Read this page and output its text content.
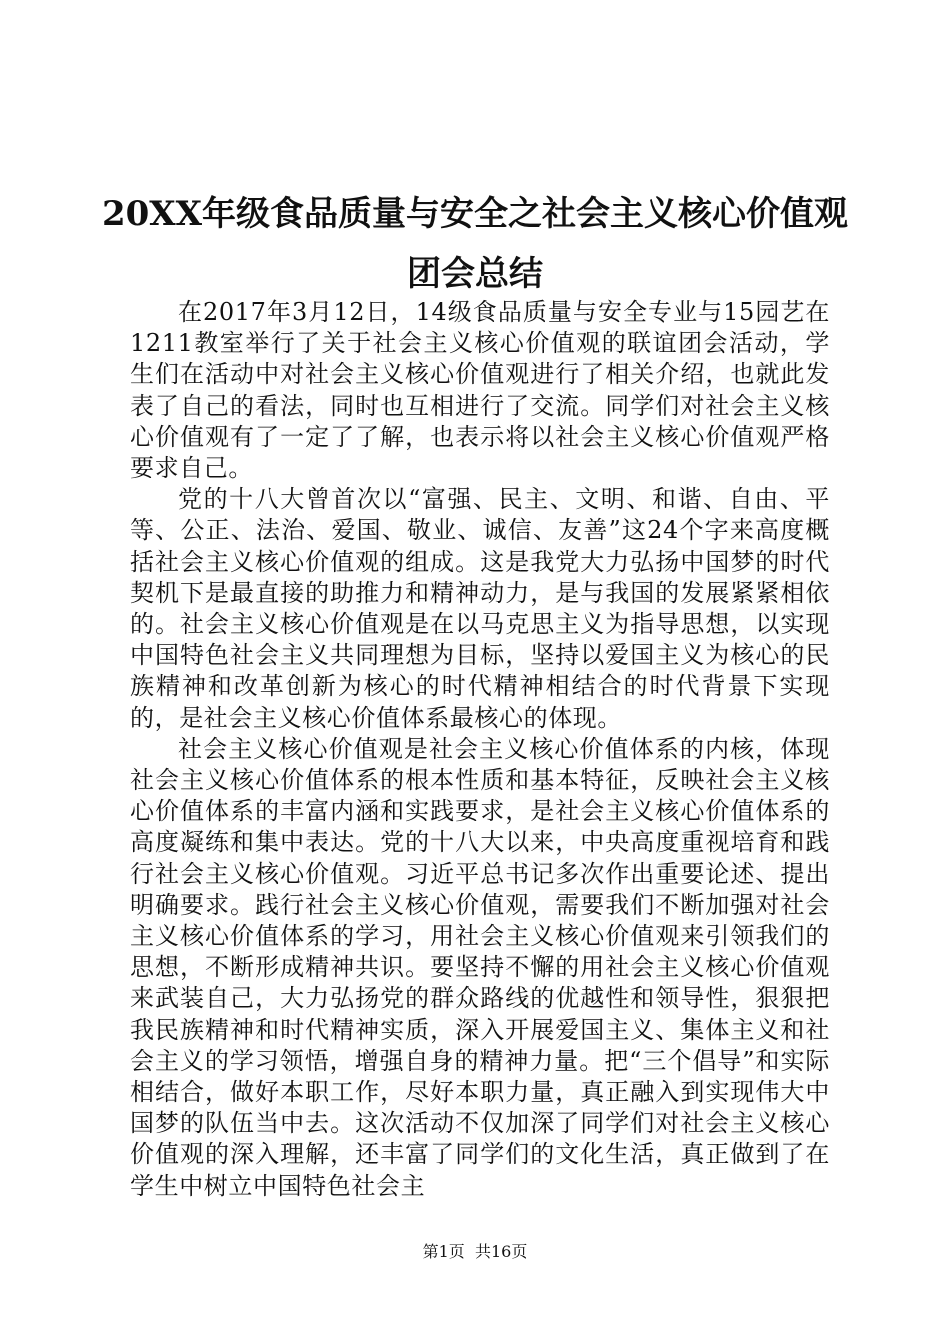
20XX年级食品质量与安全之社会主义核心价值观团会总结

在2017年3月12日，14级食品质量与安全专业与15园艺在1211教室举行了关于社会主义核心价值观的联谊团会活动，学生们在活动中对社会主义核心价值观进行了相关介绍，也就此发表了自己的看法，同时也互相进行了交流。同学们对社会主义核心价值观有了一定了了解，也表示将以社会主义核心价值观严格要求自己。

党的十八大曾首次以“富强、民主、文明、和谐、自由、平等、公正、法治、爱国、敬业、诚信、友善”这24个字来高度概括社会主义核心价值观的组成。这是我党大力弘扬中国梦的时代契机下是最直接的助推力和精神动力，是与我国的发展紧紧相依的。社会主义核心价值观是在以马克思主义为指导思想，以实现中国特色社会主义共同理想为目标，坚持以爱国主义为核心的民族精神和改革创新为核心的时代精神相结合的时代背景下实现的，是社会主义核心价值体系最核心的体现。

社会主义核心价值观是社会主义核心价值体系的内核，体现社会主义核心价值体系的根本性质和基本特征，反映社会主义核心价值体系的丰富内涵和实践要求，是社会主义核心价值体系的高度凝练和集中表达。党的十八大以来，中央高度重视培育和践行社会主义核心价值观。习近平总书记多次作出重要论述、提出明确要求。践行社会主义核心价值观，需要我们不断加强对社会主义核心价值体系的学习，用社会主义核心价值观来引领我们的思想，不断形成精神共识。要坚持不懈的用社会主义核心价值观来武装自己，大力弘扬党的群众路线的优越性和领导性，狠狠把我民族精神和时代精神实质，深入开展爱国主义、集体主义和社会主义的学习领悟，增强自身的精神力量。把“三个倡导”和实际相结合，做好本职工作，尽好本职力量，真正融入到实现伟大中国梦的队伍当中去。这次活动不仅加深了同学们对社会主义核心价值观的深入理解，还丰富了同学们的文化生活，真正做到了在学生中树立中国特色社会主

第1页 共16页
